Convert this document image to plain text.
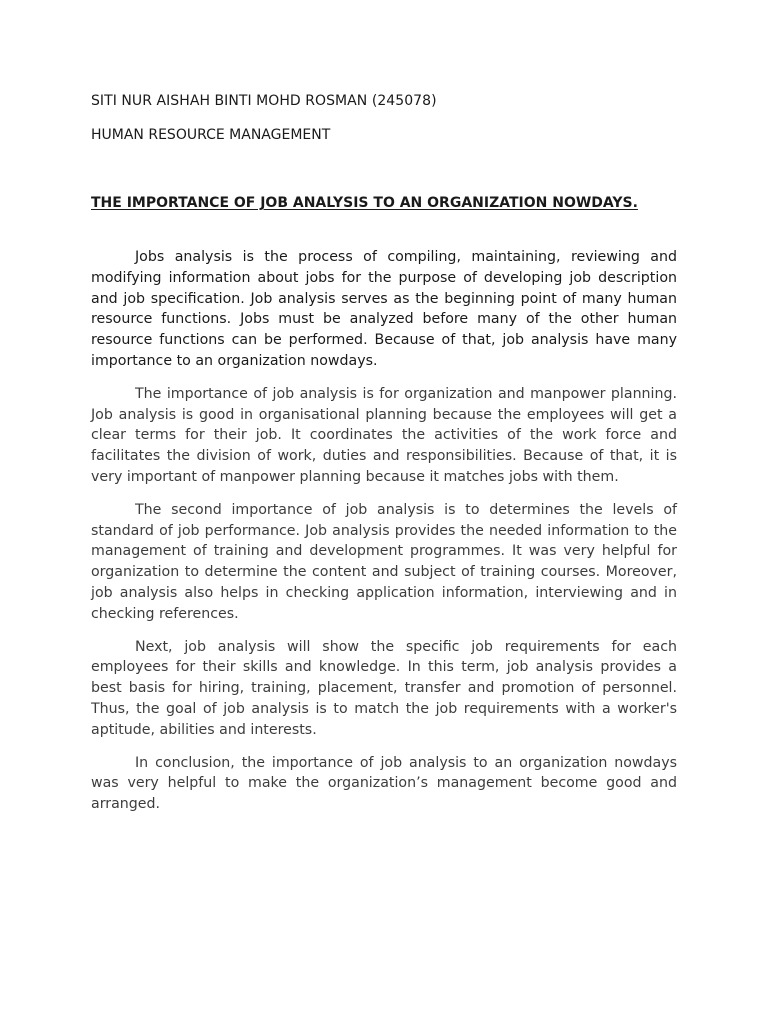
SITI NUR AISHAH BINTI MOHD ROSMAN (245078)
HUMAN RESOURCE MANAGEMENT
THE IMPORTANCE OF JOB ANALYSIS TO AN ORGANIZATION NOWDAYS.

Jobs analysis is the process of compiling, maintaining, reviewing and modifying information about jobs for the purpose of developing job description and job specification. Job analysis serves as the beginning point of many human resource functions. Jobs must be analyzed before many of the other human resource functions can be performed. Because of that, job analysis have many importance to an organization nowdays.

The importance of job analysis is for organization and manpower planning. Job analysis is good in organisational planning because the employees will get a clear terms for their job. It coordinates the activities of the work force and facilitates the division of work, duties and responsibilities. Because of that, it is very important of manpower planning because it matches jobs with them.

The second importance of job analysis is to determines the levels of standard of job performance. Job analysis provides the needed information to the management of training and development programmes. It was very helpful for organization to determine the content and subject of training courses. Moreover, job analysis also helps in checking application information, interviewing and in checking references.

Next, job analysis will show the specific job requirements for each employees for their skills and knowledge. In this term, job analysis provides a best basis for hiring, training, placement, transfer and promotion of personnel. Thus, the goal of job analysis is to match the job requirements with a worker's aptitude, abilities and interests.

In conclusion, the importance of job analysis to an organization nowdays was very helpful to make the organization’s management become good and arranged.
